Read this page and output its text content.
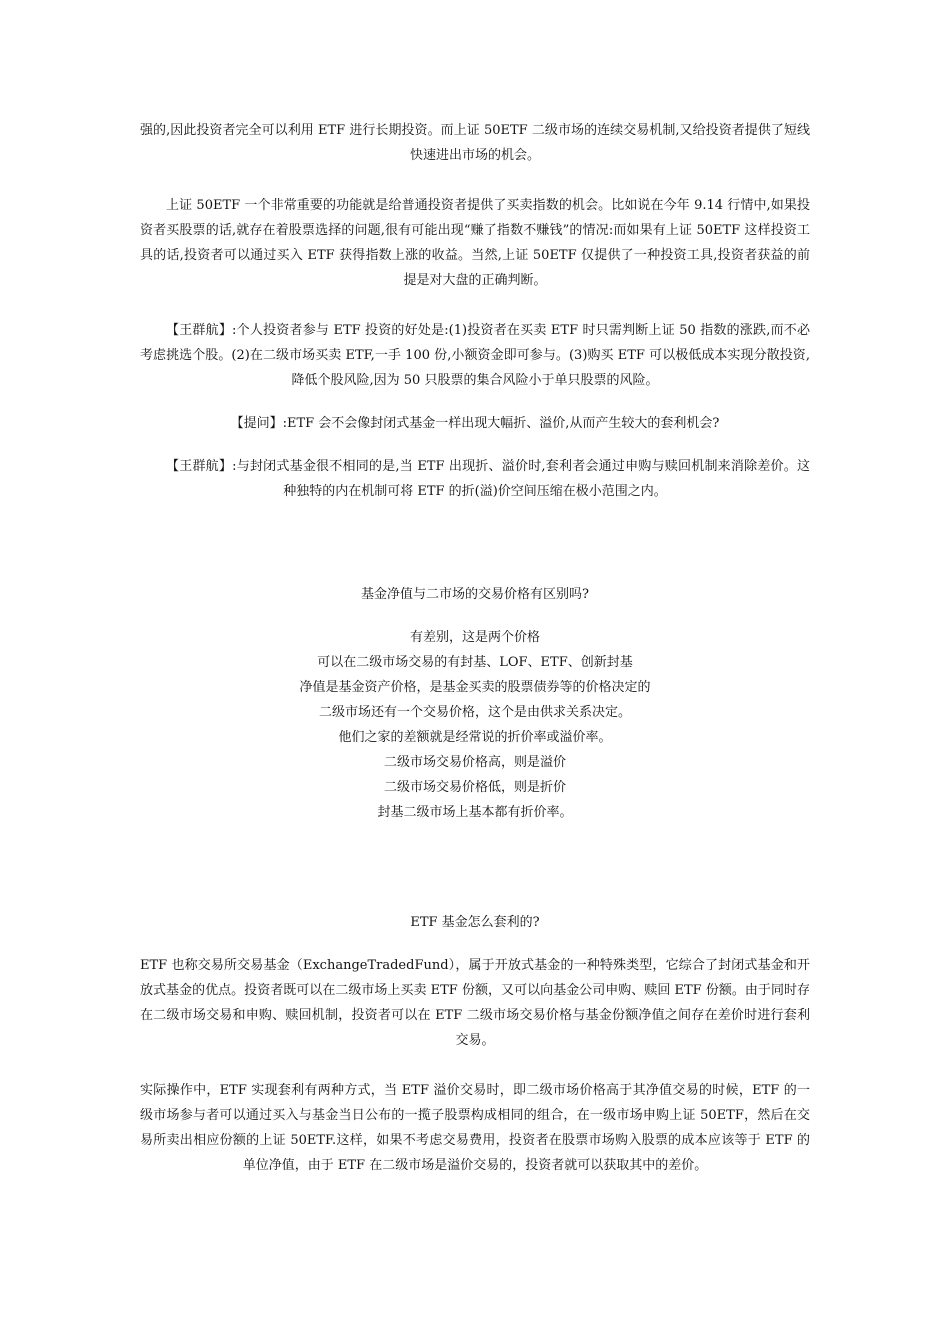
强的,因此投资者完全可以利用 ETF 进行长期投资。而上证 50ETF 二级市场的连续交易机制,又给投资者提供了短线快速进出市场的机会。

上证 50ETF 一个非常重要的功能就是给普通投资者提供了买卖指数的机会。比如说在今年 9.14 行情中,如果投资者买股票的话,就存在着股票选择的问题,很有可能出现“赚了指数不赚钱”的情况:而如果有上证 50ETF 这样投资工具的话,投资者可以通过买入 ETF 获得指数上涨的收益。当然,上证 50ETF 仅提供了一种投资工具,投资者获益的前提是对大盘的正确判断。

【王群航】:个人投资者参与 ETF 投资的好处是:(1)投资者在买卖 ETF 时只需判断上证 50 指数的涨跌,而不必考虑挑选个股。(2)在二级市场买卖 ETF,一手 100 份,小额资金即可参与。(3)购买 ETF 可以极低成本实现分散投资,降低个股风险,因为 50 只股票的集合风险小于单只股票的风险。

【提问】:ETF 会不会像封闭式基金一样出现大幅折、溢价,从而产生较大的套利机会?

【王群航】:与封闭式基金很不相同的是,当 ETF 出现折、溢价时,套利者会通过申购与赎回机制来消除差价。这种独特的内在机制可将 ETF 的折(溢)价空间压缩在极小范围之内。

基金净值与二市场的交易价格有区别吗?

有差别，这是两个价格
可以在二级市场交易的有封基、LOF、ETF、创新封基
净值是基金资产价格，是基金买卖的股票债券等的价格决定的
二级市场还有一个交易价格，这个是由供求关系决定。
他们之家的差额就是经常说的折价率或溢价率。
二级市场交易价格高，则是溢价
二级市场交易价格低，则是折价
封基二级市场上基本都有折价率。

ETF 基金怎么套利的?

ETF 也称交易所交易基金（ExchangeTradedFund），属于开放式基金的一种特殊类型，它综合了封闭式基金和开放式基金的优点。投资者既可以在二级市场上买卖 ETF 份额，又可以向基金公司申购、赎回 ETF 份额。由于同时存在二级市场交易和申购、赎回机制，投资者可以在 ETF 二级市场交易价格与基金份额净值之间存在差价时进行套利交易。

实际操作中，ETF 实现套利有两种方式，当 ETF 溢价交易时，即二级市场价格高于其净值交易的时候，ETF 的一级市场参与者可以通过买入与基金当日公布的一揽子股票构成相同的组合，在一级市场申购上证 50ETF，然后在交易所卖出相应份额的上证 50ETF.这样，如果不考虑交易费用，投资者在股票市场购入股票的成本应该等于 ETF 的单位净值，由于 ETF 在二级市场是溢价交易的，投资者就可以获取其中的差价。
